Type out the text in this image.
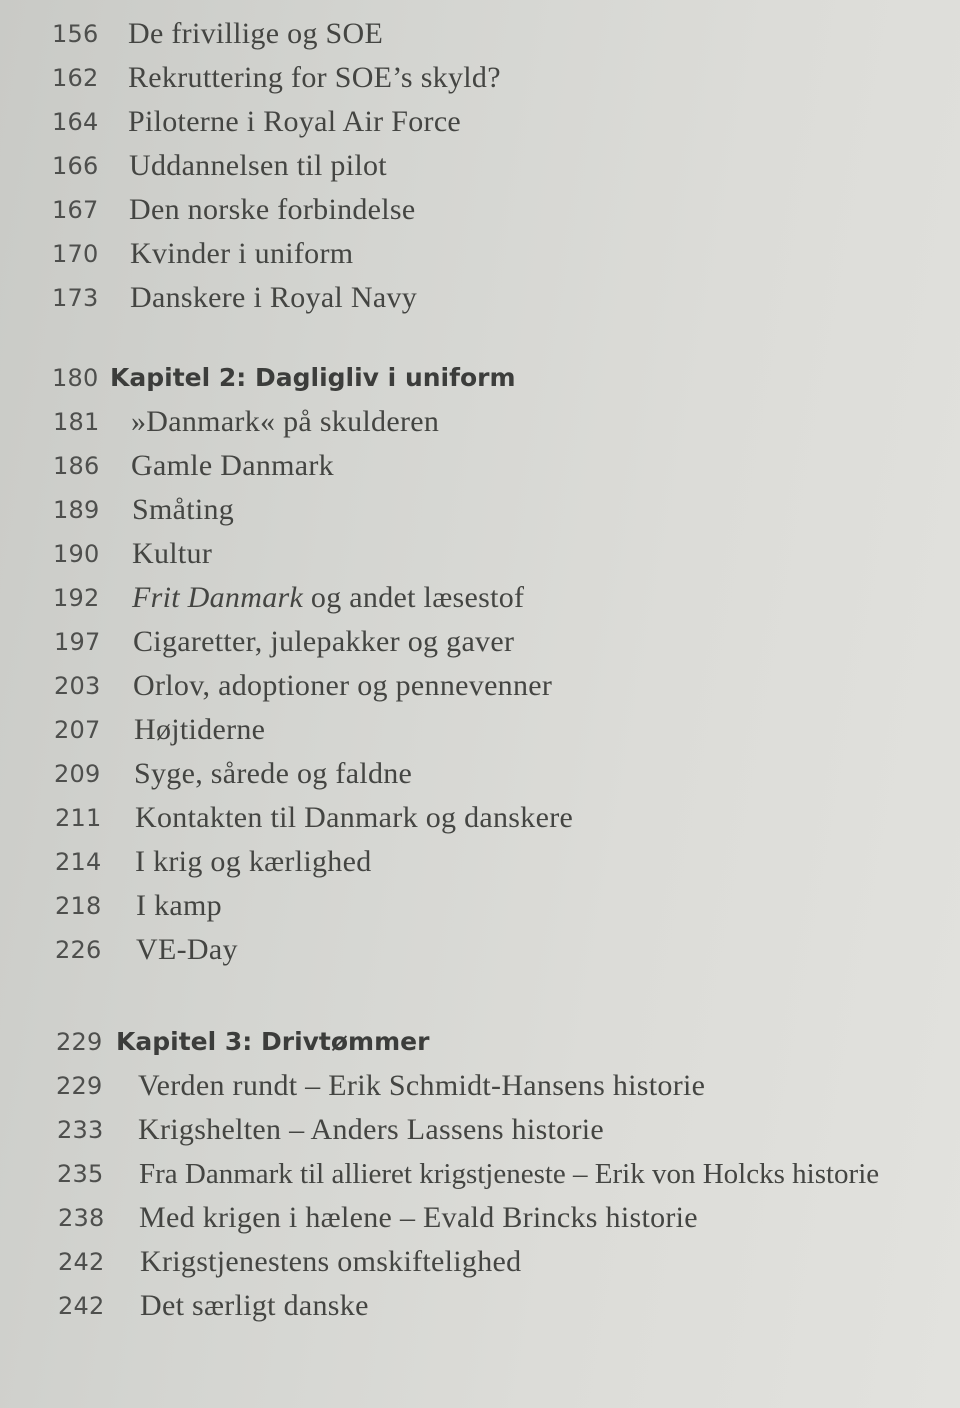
156 De frivillige og SOE
162 Rekruttering for SOE’s skyld?
164 Piloterne i Royal Air Force
166 Uddannelsen til pilot
167 Den norske forbindelse
170 Kvinder i uniform
173 Danskere i Royal Navy
180 Kapitel 2: Dagligliv i uniform
181 »Danmark« på skulderen
186 Gamle Danmark
189 Småting
190 Kultur
192 Frit Danmark og andet læsestof
197 Cigaretter, julepakker og gaver
203 Orlov, adoptioner og pennevenner
207 Højtiderne
209 Syge, sårede og faldne
211 Kontakten til Danmark og danskere
214 I krig og kærlighed
218 I kamp
226 VE-Day
229 Kapitel 3: Drivtømmer
229 Verden rundt – Erik Schmidt-Hansens historie
233 Krigshelten – Anders Lassens historie
235 Fra Danmark til allieret krigstjeneste – Erik von Holcks historie
238 Med krigen i hælene – Evald Brincks historie
242 Krigstjenestens omskiftelighed
242 Det særligt danske
